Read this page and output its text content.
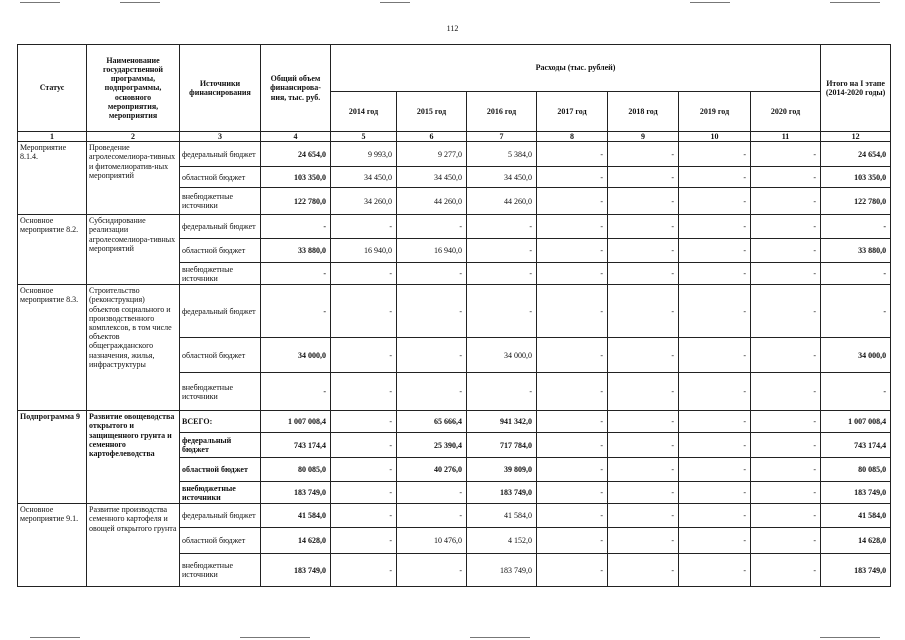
112
Статус	Наименование государственной программы, подпрограммы, основного мероприятия, мероприятия	Источники финансирования	Общий объем финансирова-ния, тыс. руб.	Расходы (тыс. рублей)							Итого на I этапе (2014-2020 годы)
				2014 год	2015 год	2016 год	2017 год	2018 год	2019 год	2020 год	
1	2	3	4	5	6	7	8	9	10	11	12
Мероприятие 8.1.4.	Проведение агролесомелиора-тивных и фитомелиоратив-ных мероприятий	федеральный бюджет	24 654,0	9 993,0	9 277,0	5 384,0	-	-	-	-	24 654,0
		областной бюджет	103 350,0	34 450,0	34 450,0	34 450,0	-	-	-	-	103 350,0
		внебюджетные источники	122 780,0	34 260,0	44 260,0	44 260,0	-	-	-	-	122 780,0
Основное мероприятие 8.2.	Субсидирование реализации агролесомелиора-тивных мероприятий	федеральный бюджет	-	-	-	-	-	-	-	-	-
		областной бюджет	33 880,0	16 940,0	16 940,0	-	-	-	-	-	33 880,0
		внебюджетные источники	-	-	-	-	-	-	-	-	-
Основное мероприятие 8.3.	Строительство (реконструкция) объектов социального и производственного комплексов, в том числе объектов общегражданского назначения, жилья, инфраструктуры	федеральный бюджет	-	-	-	-	-	-	-	-	-
		областной бюджет	34 000,0	-	-	34 000,0	-	-	-	-	34 000,0
		внебюджетные источники	-	-	-	-	-	-	-	-	-
Подпрограмма 9	Развитие овощеводства открытого и защищенного грунта и семенного картофелеводства	ВСЕГО:	1 007 008,4	-	65 666,4	941 342,0	-	-	-	-	1 007 008,4
		федеральный бюджет	743 174,4	-	25 390,4	717 784,0	-	-	-	-	743 174,4
		областной бюджет	80 085,0	-	40 276,0	39 809,0	-	-	-	-	80 085,0
		внебюджетные источники	183 749,0	-	-	183 749,0	-	-	-	-	183 749,0
Основное мероприятие 9.1.	Развитие производства семенного картофеля и овощей открытого грунта	федеральный бюджет	41 584,0	-	-	41 584,0	-	-	-	-	41 584,0
		областной бюджет	14 628,0	-	10 476,0	4 152,0	-	-	-	-	14 628,0
		внебюджетные источники	183 749,0	-	-	183 749,0	-	-	-	-	183 749,0
